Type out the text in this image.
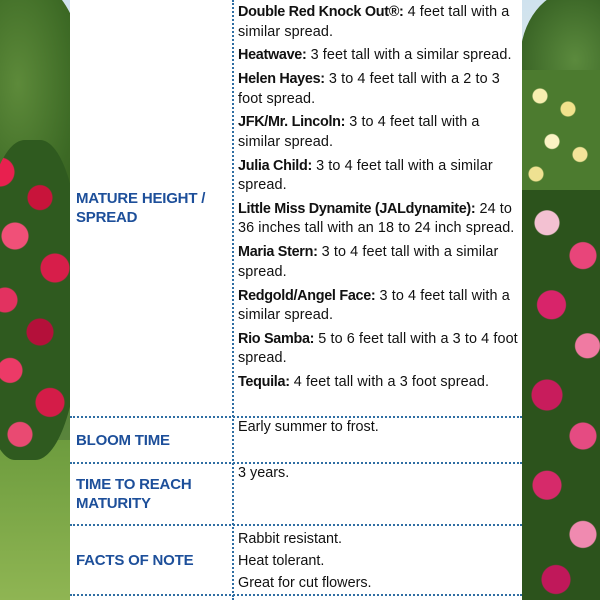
MATURE HEIGHT / SPREAD

Double Red Knock Out®: 4 feet tall with a similar spread.

Heatwave: 3 feet tall with a similar spread.

Helen Hayes: 3 to 4 feet tall with a 2 to 3 foot spread.

JFK/Mr. Lincoln: 3 to 4 feet tall with a similar spread.

Julia Child: 3 to 4 feet tall with a similar spread.

Little Miss Dynamite (JALdynamite): 24 to 36 inches tall with an 18 to 24 inch spread.

Maria Stern: 3 to 4 feet tall with a similar spread.

Redgold/Angel Face: 3 to 4 feet tall with a similar spread.

Rio Samba: 5 to 6 feet tall with a 3 to 4 foot spread.

Tequila: 4 feet tall with a 3 foot spread.

BLOOM TIME
Early summer to frost.
TIME TO REACH MATURITY
3 years.
FACTS OF NOTE

Rabbit resistant.

Heat tolerant.

Great for cut flowers.
